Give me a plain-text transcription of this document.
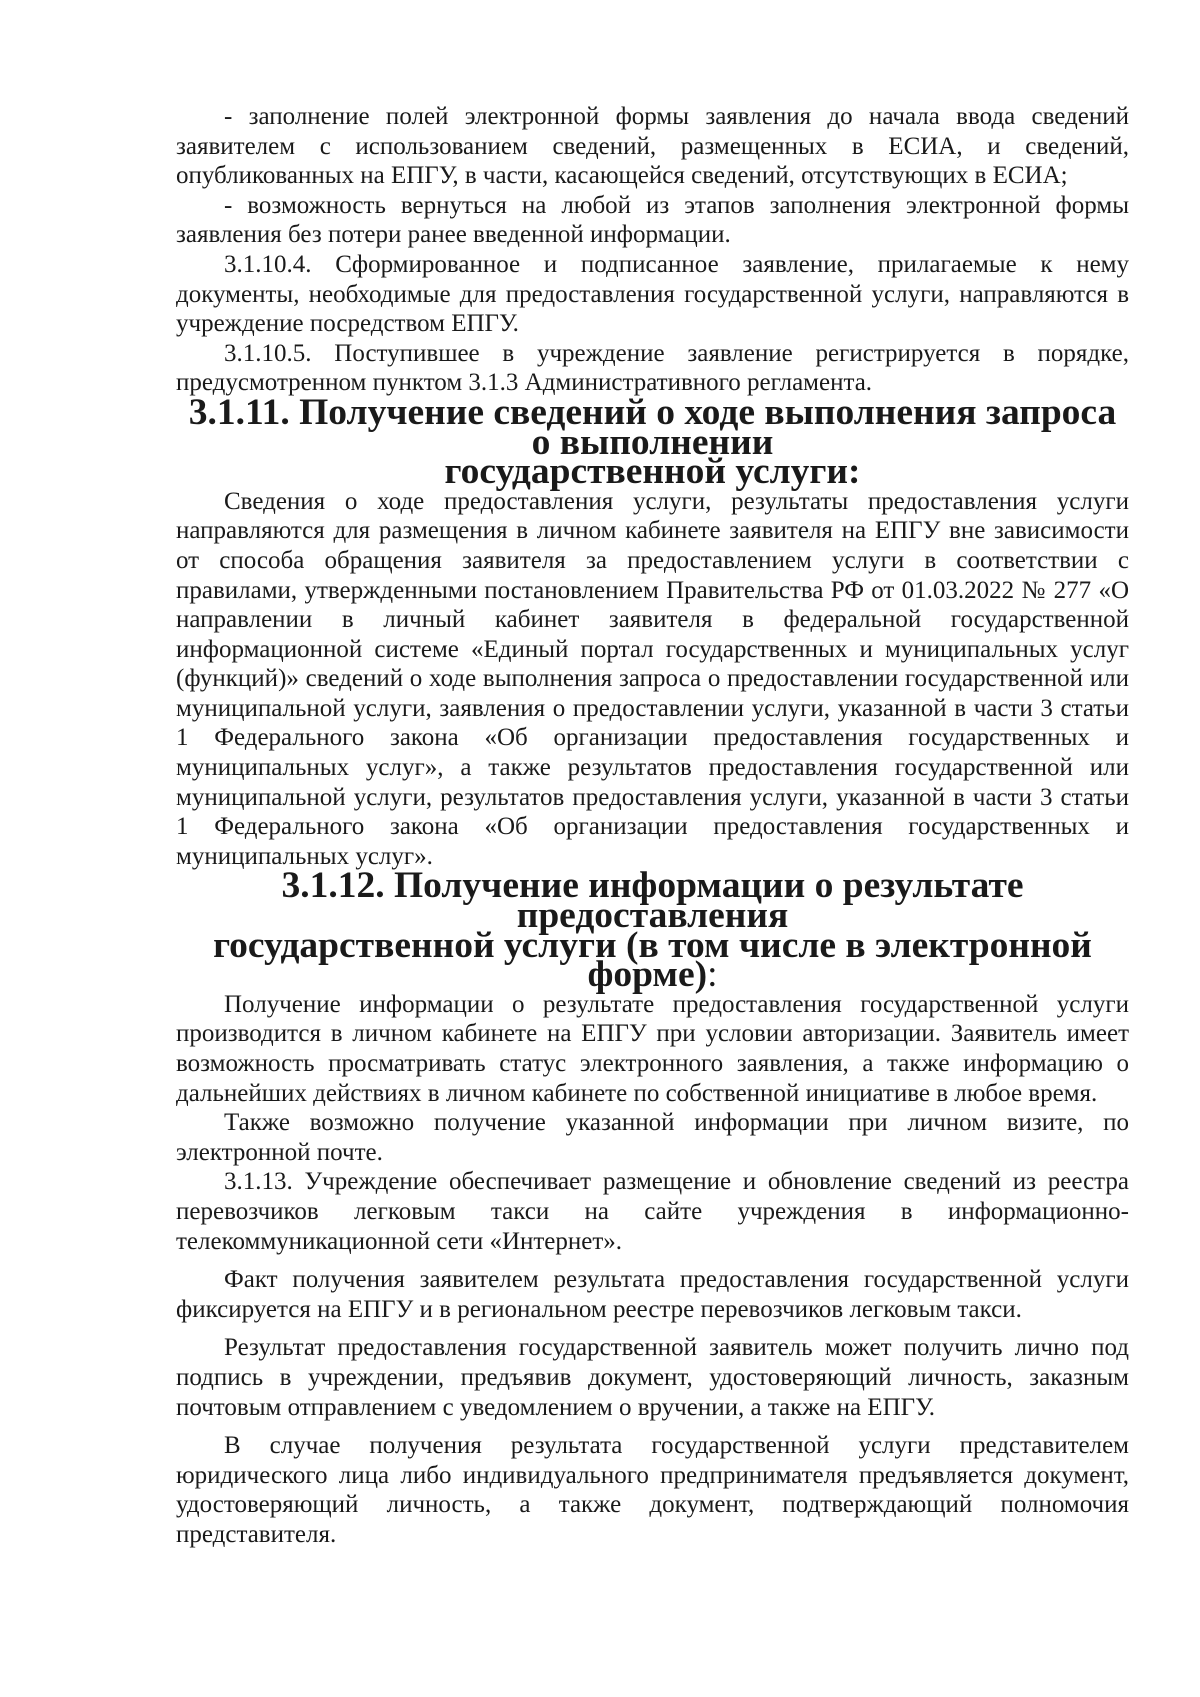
- заполнение полей электронной формы заявления до начала ввода сведений заявителем с использованием сведений, размещенных в ЕСИА, и сведений, опубликованных на ЕПГУ, в части, касающейся сведений, отсутствующих в ЕСИА;

- возможность вернуться на любой из этапов заполнения электронной формы заявления без потери ранее введенной информации.

3.1.10.4. Сформированное и подписанное заявление, прилагаемые к нему документы, необходимые для предоставления государственной услуги, направляются в учреждение посредством ЕПГУ.

3.1.10.5. Поступившее в учреждение заявление регистрируется в порядке, предусмотренном пунктом 3.1.3 Административного регламента.

3.1.11. Получение сведений о ходе выполнения запроса о выполнении
государственной услуги:

Сведения о ходе предоставления услуги, результаты предоставления услуги направляются для размещения в личном кабинете заявителя на ЕПГУ вне зависимости от способа обращения заявителя за предоставлением услуги в соответствии с правилами, утвержденными постановлением Правительства РФ от 01.03.2022 № 277 «О направлении в личный кабинет заявителя в федеральной государственной информационной системе «Единый портал государственных и муниципальных услуг (функций)» сведений о ходе выполнения запроса о предоставлении государственной или муниципальной услуги, заявления о предоставлении услуги, указанной в части 3 статьи 1 Федерального закона «Об организации предоставления государственных и муниципальных услуг», а также результатов предоставления государственной или муниципальной услуги, результатов предоставления услуги, указанной в части 3 статьи 1 Федерального закона «Об организации предоставления государственных и муниципальных услуг».

3.1.12. Получение информации о результате предоставления
государственной услуги (в том числе в электронной форме):

Получение информации о результате предоставления государственной услуги производится в личном кабинете на ЕПГУ при условии авторизации. Заявитель имеет возможность просматривать статус электронного заявления, а также информацию о дальнейших действиях в личном кабинете по собственной инициативе в любое время.

Также возможно получение указанной информации при личном визите, по электронной почте.

3.1.13. Учреждение обеспечивает размещение и обновление сведений из реестра перевозчиков легковым такси на сайте учреждения в информационно-телекоммуникационной сети «Интернет».

Факт получения заявителем результата предоставления государственной услуги фиксируется на ЕПГУ и в региональном реестре перевозчиков легковым такси.

Результат предоставления государственной заявитель может получить лично под подпись в учреждении, предъявив документ, удостоверяющий личность, заказным почтовым отправлением с уведомлением о вручении, а также на ЕПГУ.

В случае получения результата государственной услуги представителем юридического лица либо индивидуального предпринимателя предъявляется документ, удостоверяющий личность, а также документ, подтверждающий полномочия представителя.
